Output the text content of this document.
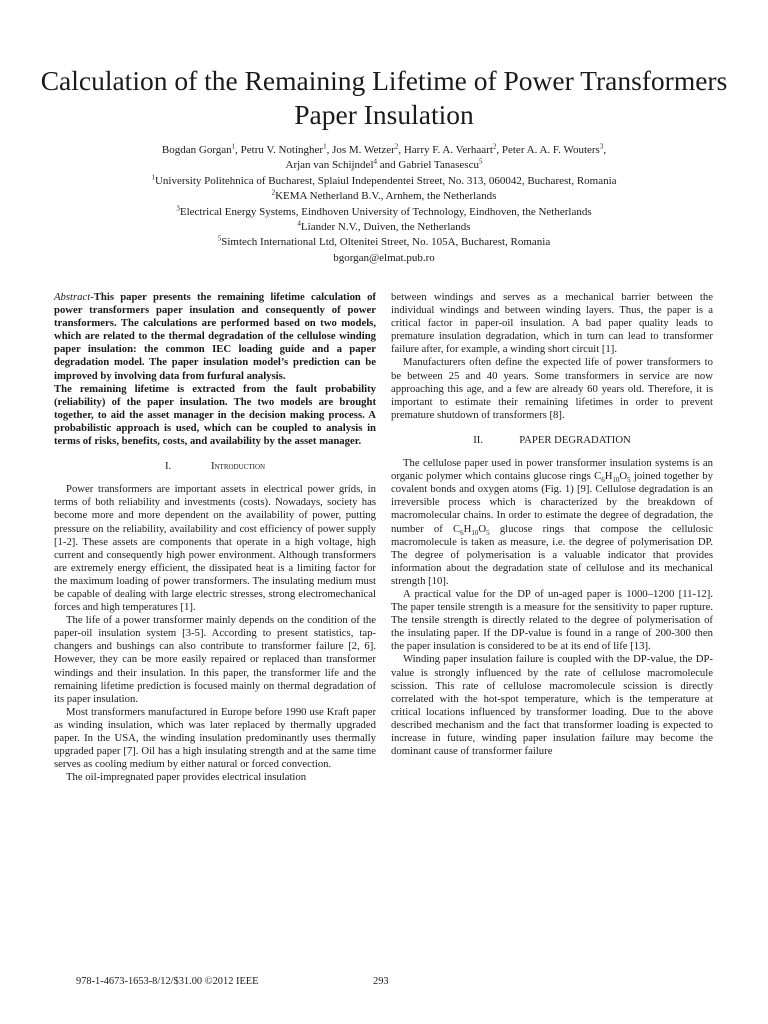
Calculation of the Remaining Lifetime of Power Transformers Paper Insulation
Bogdan Gorgan$^1$, Petru V. Notingher$^1$, Jos M. Wetzer$^2$, Harry F. A. Verhaart$^2$, Peter A. A. F. Wouters$^3$,
Arjan van Schijndel$^4$ and Gabriel Tanasescu$^5$
$^1$University Politehnica of Bucharest, Splaiul Independentei Street, No. 313, 060042, Bucharest, Romania
$^2$KEMA Netherland B.V., Arnhem, the Netherlands
$^3$Electrical Energy Systems, Eindhoven University of Technology, Eindhoven, the Netherlands
$^4$Liander N.V., Duiven, the Netherlands
$^5$Simtech International Ltd, Oltenitei Street, No. 105A, Bucharest, Romania
bgorgan@elmat.pub.ro

Abstract-This paper presents the remaining lifetime calculation of power transformers paper insulation and consequently of power transformers. The calculations are performed based on two models, which are related to the thermal degradation of the cellulose winding paper insulation: the common IEC loading guide and a paper degradation model. The paper insulation model’s prediction can be improved by involving data from furfural analysis.

The remaining lifetime is extracted from the fault probability (reliability) of the paper insulation. The two models are brought together, to aid the asset manager in the decision making process. A probabilistic approach is used, which can be coupled to analysis in terms of risks, benefits, costs, and availability by the asset manager.

I.	Introduction

Power transformers are important assets in electrical power grids, in terms of both reliability and investments (costs). Nowadays, society has become more and more dependent on the availability of power, putting pressure on the reliability, availability and cost efficiency of power supply [1-2]. These assets are components that operate in a high voltage, high current and consequently high power environment. Although transformers are extremely energy efficient, the dissipated heat is a limiting factor for the maximum loading of power transformers. The insulating medium must be capable of dealing with large electric stresses, strong electromechanical forces and high temperatures [1].

The life of a power transformer mainly depends on the condition of the paper-oil insulation system [3-5]. According to present statistics, tap-changers and bushings can also contribute to transformer failure [2, 6]. However, they can be more easily repaired or replaced than transformer windings and their insulation. In this paper, the transformer life and the remaining lifetime prediction is focused mainly on thermal degradation of its paper insulation.

Most transformers manufactured in Europe before 1990 use Kraft paper as winding insulation, which was later replaced by thermally upgraded paper. In the USA, the winding insulation predominantly uses thermally upgraded paper [7]. Oil has a high insulating strength and at the same time serves as cooling medium by either natural or forced convection.

The oil-impregnated paper provides electrical insulation

between windings and serves as a mechanical barrier between the individual windings and between winding layers. Thus, the paper is a critical factor in paper-oil insulation. A bad paper quality leads to premature insulation degradation, which in turn can lead to transformer failure after, for example, a winding short circuit [1].

Manufacturers often define the expected life of power transformers to be between 25 and 40 years. Some transformers in service are now approaching this age, and a few are already 60 years old. Therefore, it is important to estimate their remaining lifetimes in order to prevent premature shutdown of transformers [8].

II.	PAPER DEGRADATION

The cellulose paper used in power transformer insulation systems is an organic polymer which contains glucose rings $C_6H_{10}O_5$ joined together by covalent bonds and oxygen atoms (Fig. 1) [9]. Cellulose degradation is an irreversible process which is characterized by the breakdown of macromolecular chains. In order to estimate the degree of degradation, the number of $C_6H_{10}O_5$ glucose rings that compose the cellulosic macromolecule is taken as measure, i.e. the degree of polymerisation DP. The degree of polymerisation is a valuable indicator that provides information about the degradation state of cellulose and its mechanical strength [10].

A practical value for the DP of un-aged paper is 1000–1200 [11-12]. The paper tensile strength is a measure for the sensitivity to paper rupture. The tensile strength is directly related to the degree of polymerisation of the insulating paper. If the DP-value is found in a range of 200-300 then the paper insulation is considered to be at its end of life [13].

Winding paper insulation failure is coupled with the DP-value, the DP-value is strongly influenced by the rate of cellulose macromolecule scission. This rate of cellulose macromolecule scission is directly correlated with the hot-spot temperature, which is the temperature at critical locations influenced by transformer loading. Due to the above described mechanism and the fact that transformer loading is expected to increase in future, winding paper insulation failure may become the dominant cause of transformer failure

978-1-4673-1653-8/12/$31.00 ©2012 IEEE	293
